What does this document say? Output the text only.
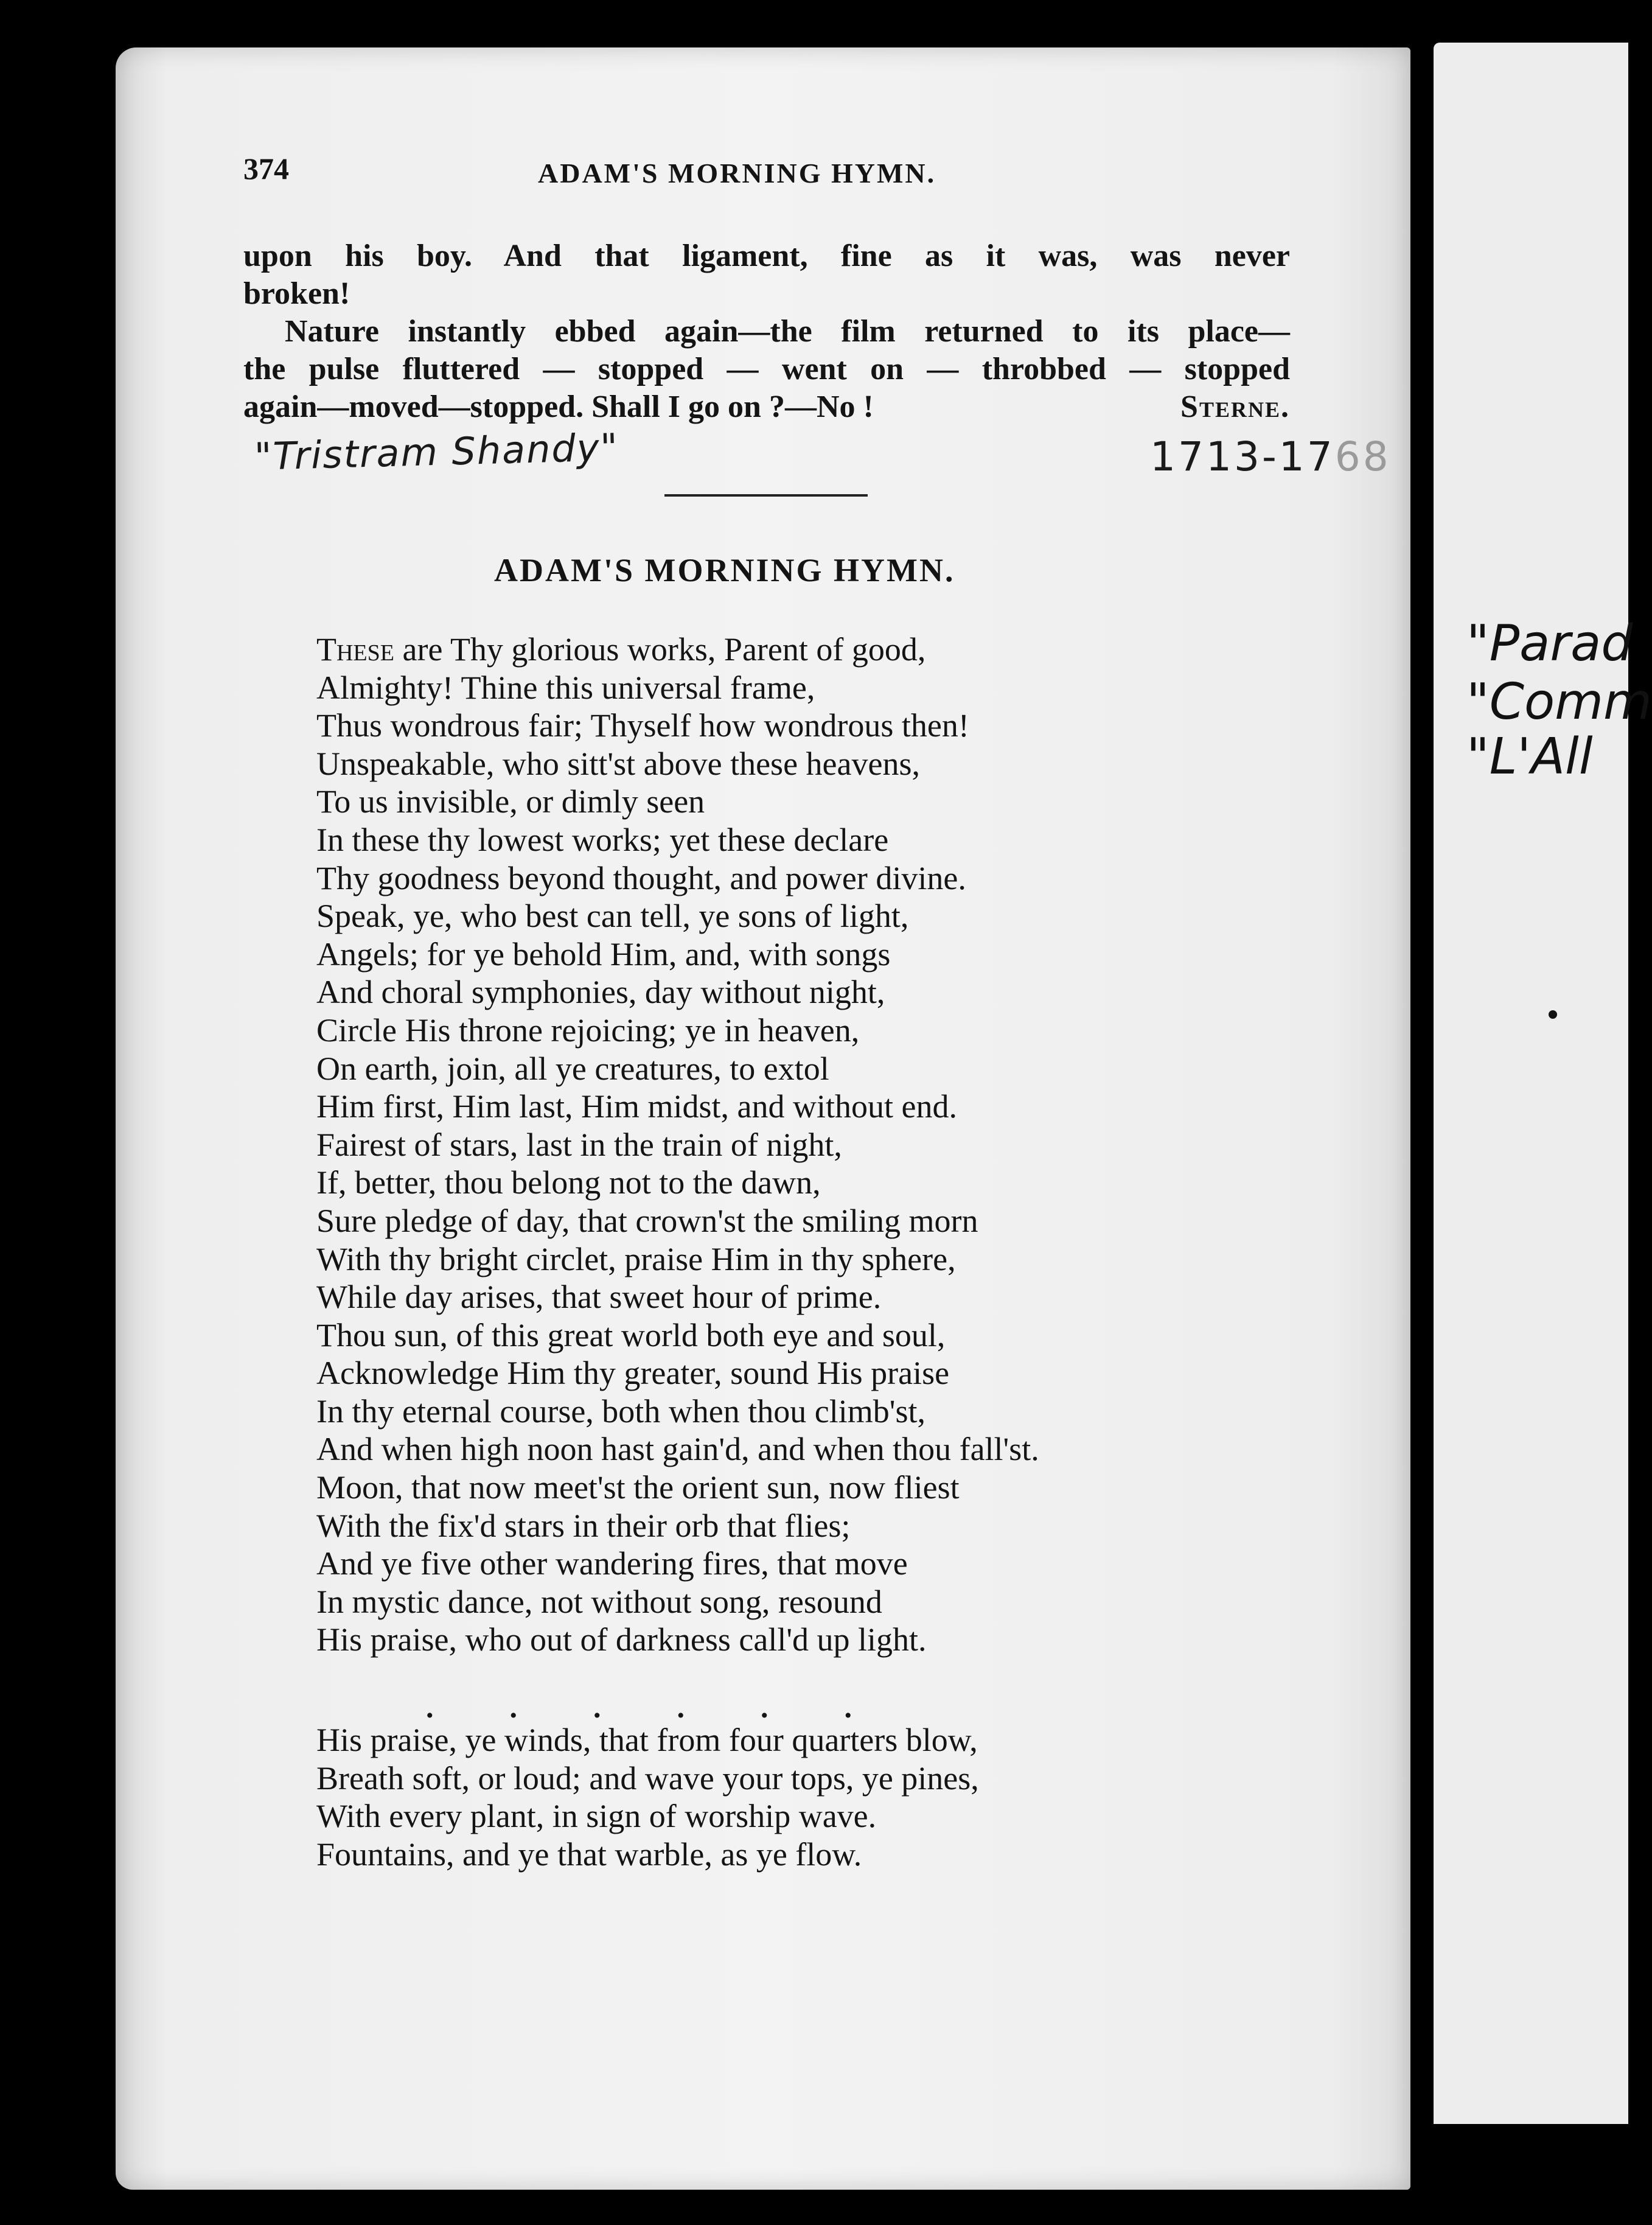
374	ADAM'S MORNING HYMN.

upon his boy. And that ligament, fine as it was, was never

broken!

Nature instantly ebbed again—the film returned to its place—

the pulse fluttered — stopped — went on — throbbed — stopped

again—moved—stopped. Shall I go on ?—No !	Sterne.
"Tristram Shandy"	1713-1768
ADAM'S MORNING HYMN.
These are Thy glorious works, Parent of good,
Almighty! Thine this universal frame,
Thus wondrous fair; Thyself how wondrous then!
Unspeakable, who sitt'st above these heavens,
To us invisible, or dimly seen
In these thy lowest works; yet these declare
Thy goodness beyond thought, and power divine.
Speak, ye, who best can tell, ye sons of light,
Angels; for ye behold Him, and, with songs
And choral symphonies, day without night,
Circle His throne rejoicing; ye in heaven,
On earth, join, all ye creatures, to extol
Him first, Him last, Him midst, and without end.
Fairest of stars, last in the train of night,
If, better, thou belong not to the dawn,
Sure pledge of day, that crown'st the smiling morn
With thy bright circlet, praise Him in thy sphere,
While day arises, that sweet hour of prime.
Thou sun, of this great world both eye and soul,
Acknowledge Him thy greater, sound His praise
In thy eternal course, both when thou climb'st,
And when high noon hast gain'd, and when thou fall'st.
Moon, that now meet'st the orient sun, now fliest
With the fix'd stars in their orb that flies;
And ye five other wandering fires, that move
In mystic dance, not without song, resound
His praise, who out of darkness call'd up light.
.	.	.	.	.	.
His praise, ye winds, that from four quarters blow,
Breath soft, or loud; and wave your tops, ye pines,
With every plant, in sign of worship wave.
Fountains, and ye that warble, as ye flow.
"Parad
"Comm
"L'All
